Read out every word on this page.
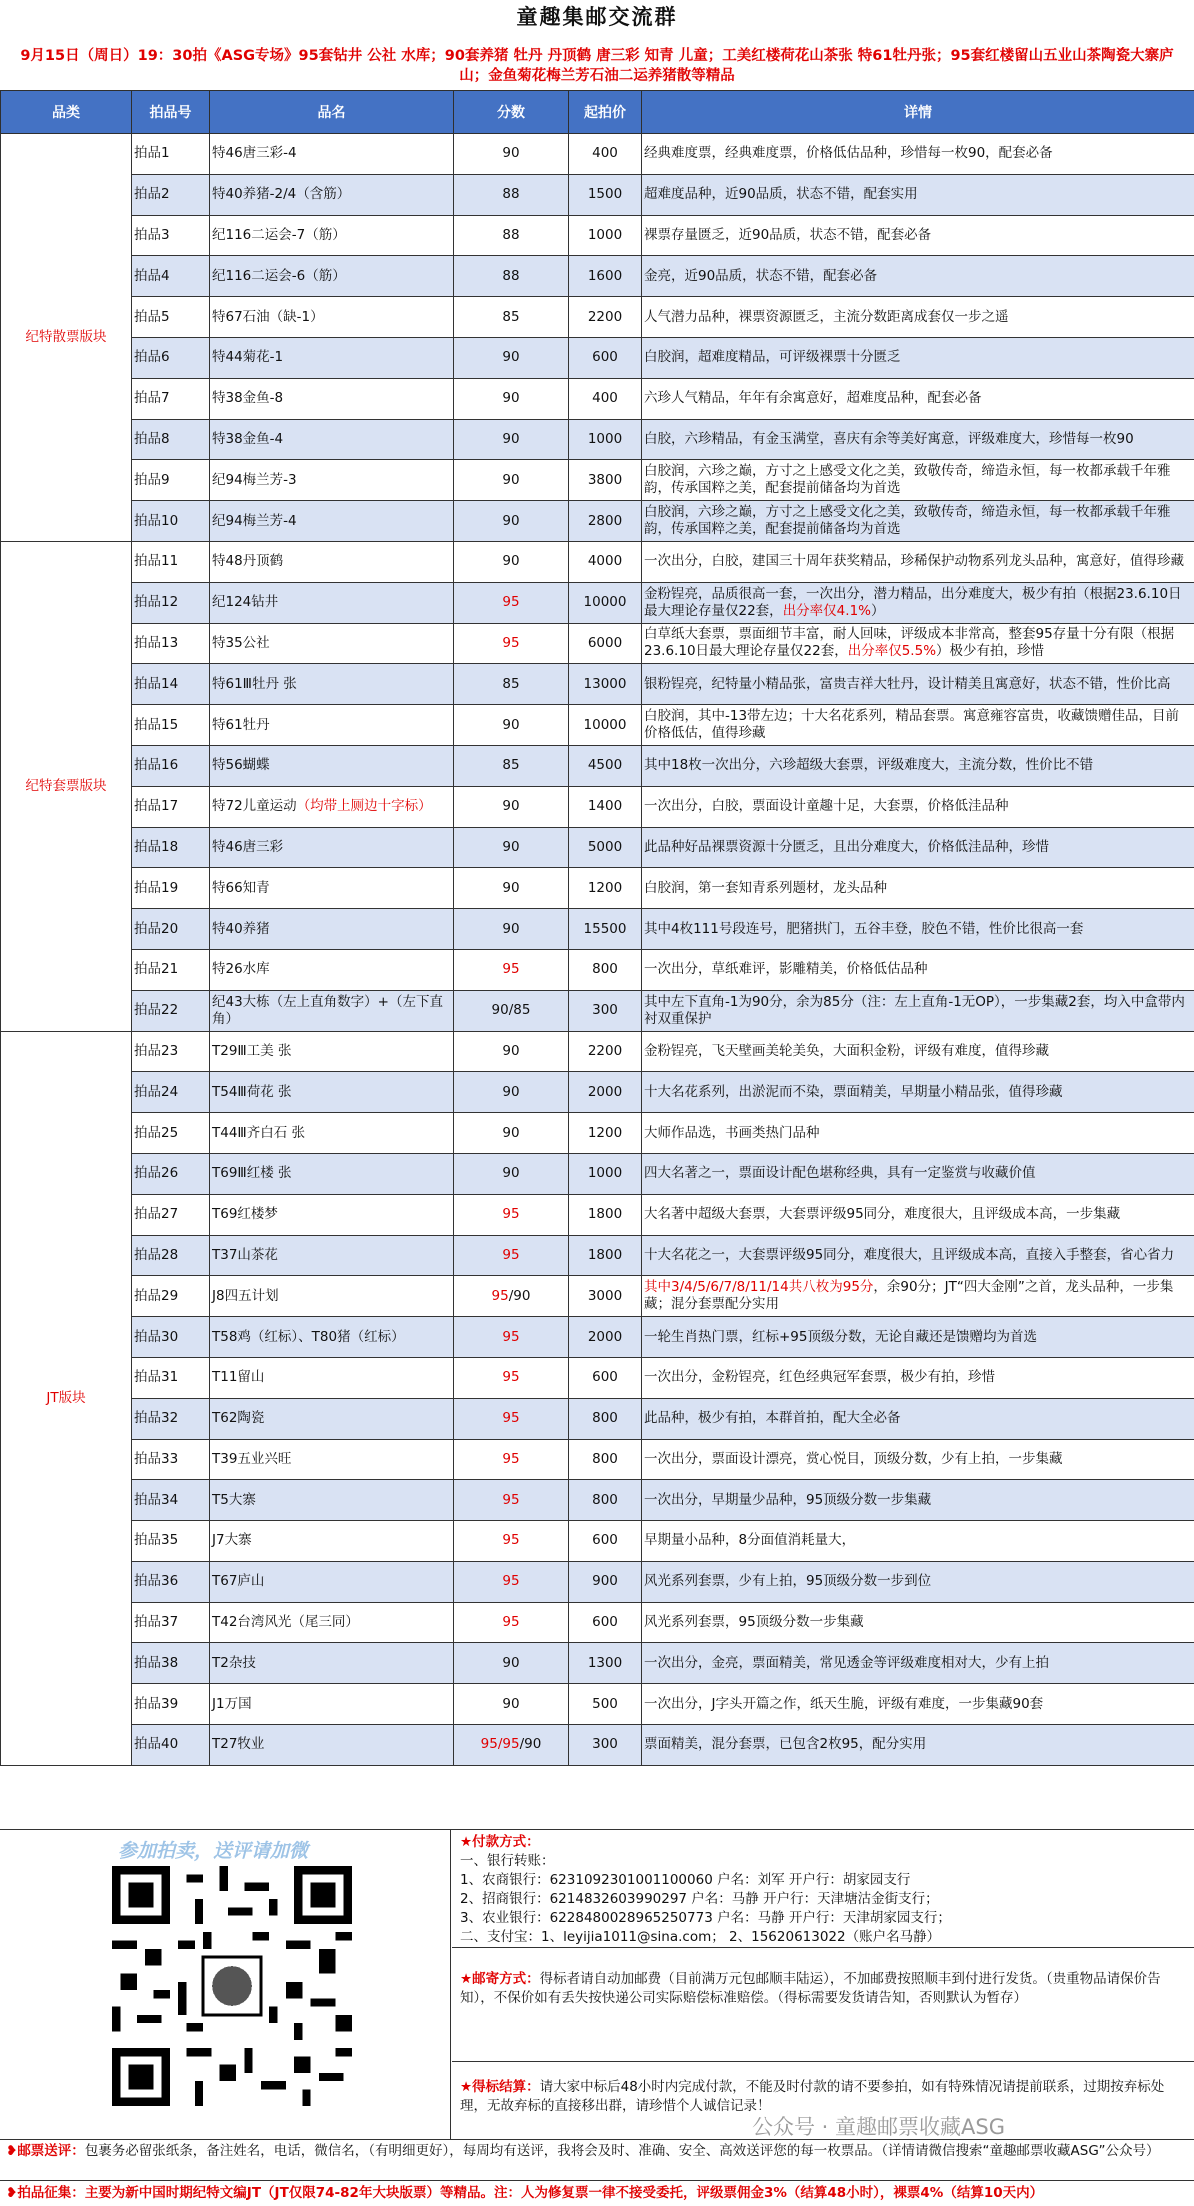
童趣集邮交流群
9月15日（周日）19：30拍《ASG专场》95套钻井 公社 水库；90套养猪 牡丹 丹顶鹤 唐三彩 知青 儿童；工美红楼荷花山茶张 特61牡丹张；95套红楼留山五业山茶陶瓷大寨庐山；金鱼菊花梅兰芳石油二运养猪散等精品
品类	拍品号	品名	分数	起拍价	详情
纪特散票版块	拍品1	特46唐三彩-4	90	400	经典难度票，经典难度票，价格低估品种，珍惜每一枚90，配套必备
	拍品2	特40养猪-2/4（含筋）	88	1500	超难度品种，近90品质，状态不错，配套实用
	拍品3	纪116二运会-7（筋）	88	1000	裸票存量匮乏，近90品质，状态不错，配套必备
	拍品4	纪116二运会-6（筋）	88	1600	金亮，近90品质，状态不错，配套必备
	拍品5	特67石油（缺-1）	85	2200	人气潜力品种，裸票资源匮乏，主流分数距离成套仅一步之遥
	拍品6	特44菊花-1	90	600	白胶润，超难度精品，可评级裸票十分匮乏
	拍品7	特38金鱼-8	90	400	六珍人气精品，年年有余寓意好，超难度品种，配套必备
	拍品8	特38金鱼-4	90	1000	白胶，六珍精品，有金玉满堂，喜庆有余等美好寓意，评级难度大，珍惜每一枚90
	拍品9	纪94梅兰芳-3	90	3800	白胶润，六珍之巅，方寸之上感受文化之美，致敬传奇，缔造永恒，每一枚都承载千年雅韵，传承国粹之美，配套提前储备均为首选
	拍品10	纪94梅兰芳-4	90	2800	白胶润，六珍之巅，方寸之上感受文化之美，致敬传奇，缔造永恒，每一枚都承载千年雅韵，传承国粹之美，配套提前储备均为首选
纪特套票版块	拍品11	特48丹顶鹤	90	4000	一次出分，白胶，建国三十周年获奖精品，珍稀保护动物系列龙头品种，寓意好，值得珍藏
	拍品12	纪124钻井	95	10000	金粉锃亮，品质很高一套，一次出分，潜力精品，出分难度大，极少有拍（根据23.6.10日最大理论存量仅22套，出分率仅4.1%）
	拍品13	特35公社	95	6000	白草纸大套票，票面细节丰富，耐人回味，评级成本非常高，整套95存量十分有限（根据23.6.10日最大理论存量仅22套，出分率仅5.5%）极少有拍，珍惜
	拍品14	特61Ⅲ牡丹 张	85	13000	银粉锃亮，纪特量小精品张，富贵吉祥大牡丹，设计精美且寓意好，状态不错，性价比高
	拍品15	特61牡丹	90	10000	白胶润，其中-13带左边；十大名花系列，精品套票。寓意雍容富贵，收藏馈赠佳品，目前价格低估，值得珍藏
	拍品16	特56蝴蝶	85	4500	其中18枚一次出分，六珍超级大套票，评级难度大，主流分数，性价比不错
	拍品17	特72儿童运动（均带上厕边十字标）	90	1400	一次出分，白胶，票面设计童趣十足，大套票，价格低洼品种
	拍品18	特46唐三彩	90	5000	此品种好品裸票资源十分匮乏，且出分难度大，价格低洼品种，珍惜
	拍品19	特66知青	90	1200	白胶润，第一套知青系列题材，龙头品种
	拍品20	特40养猪	90	15500	其中4枚111号段连号，肥猪拱门，五谷丰登，胶色不错，性价比很高一套
	拍品21	特26水库	95	800	一次出分，草纸难评，影雕精美，价格低估品种
	拍品22	纪43大栋（左上直角数字）+（左下直角）	90/85	300	其中左下直角-1为90分，余为85分（注：左上直角-1无OP），一步集藏2套，均入中盒带内衬双重保护
JT版块	拍品23	T29Ⅲ工美 张	90	2200	金粉锃亮，飞天壁画美轮美奂，大面积金粉，评级有难度，值得珍藏
	拍品24	T54Ⅲ荷花 张	90	2000	十大名花系列，出淤泥而不染，票面精美，早期量小精品张，值得珍藏
	拍品25	T44Ⅲ齐白石 张	90	1200	大师作品选，书画类热门品种
	拍品26	T69Ⅲ红楼 张	90	1000	四大名著之一，票面设计配色堪称经典，具有一定鉴赏与收藏价值
	拍品27	T69红楼梦	95	1800	大名著中超级大套票，大套票评级95同分，难度很大，且评级成本高，一步集藏
	拍品28	T37山茶花	95	1800	十大名花之一，大套票评级95同分，难度很大，且评级成本高，直接入手整套，省心省力
	拍品29	J8四五计划	95/90	3000	其中3/4/5/6/7/8/11/14共八枚为95分，余90分；JT“四大金刚”之首，龙头品种，一步集藏；混分套票配分实用
	拍品30	T58鸡（红标）、T80猪（红标）	95	2000	一轮生肖热门票，红标+95顶级分数，无论自藏还是馈赠均为首选
	拍品31	T11留山	95	600	一次出分，金粉锃亮，红色经典冠军套票，极少有拍，珍惜
	拍品32	T62陶瓷	95	800	此品种，极少有拍，本群首拍，配大全必备
	拍品33	T39五业兴旺	95	800	一次出分，票面设计漂亮，赏心悦目，顶级分数，少有上拍，一步集藏
	拍品34	T5大寨	95	800	一次出分，早期量少品种，95顶级分数一步集藏
	拍品35	J7大寨	95	600	早期量小品种，8分面值消耗量大，
	拍品36	T67庐山	95	900	风光系列套票，少有上拍，95顶级分数一步到位
	拍品37	T42台湾风光（尾三同）	95	600	风光系列套票，95顶级分数一步集藏
	拍品38	T2杂技	90	1300	一次出分，金亮，票面精美，常见透金等评级难度相对大，少有上拍
	拍品39	J1万国	90	500	一次出分，J字头开篇之作，纸天生脆，评级有难度，一步集藏90套
	拍品40	T27牧业	95/95/90	300	票面精美，混分套票，已包含2枚95，配分实用
参加拍卖，送评请加微	★付款方式：
一、银行转账：
1、农商银行：6231092301001100060 户名：刘军 开户行：胡家园支行
2、招商银行：6214832603990297 户名：马静 开户行：天津塘沽金街支行；
3、农业银行：6228480028965250773 户名：马静 开户行：天津胡家园支行；
二、支付宝：1、leyijia1011@sina.com； 2、15620613022（账户名马静）
★邮寄方式：得标者请自动加邮费（目前满万元包邮顺丰陆运），不加邮费按照顺丰到付进行发货。（贵重物品请保价告知），不保价如有丢失按快递公司实际赔偿标准赔偿。（得标需要发货请告知，否则默认为暂存）
★得标结算：请大家中标后48小时内完成付款，不能及时付款的请不要参拍，如有特殊情况请提前联系，过期按弃标处理，无故弃标的直接移出群，请珍惜个人诚信记录！
❥邮票送评：包裹务必留张纸条，备注姓名，电话，微信名，（有明细更好），每周均有送评，我将会及时、准确、安全、高效送评您的每一枚票品。（详情请微信搜索“童趣邮票收藏ASG”公众号）
❥拍品征集：主要为新中国时期纪特文编JT（JT仅限74-82年大块版票）等精品。注：人为修复票一律不接受委托，评级票佣金3%（结算48小时），裸票4%（结算10天内）
公众号 · 童趣邮票收藏ASG
